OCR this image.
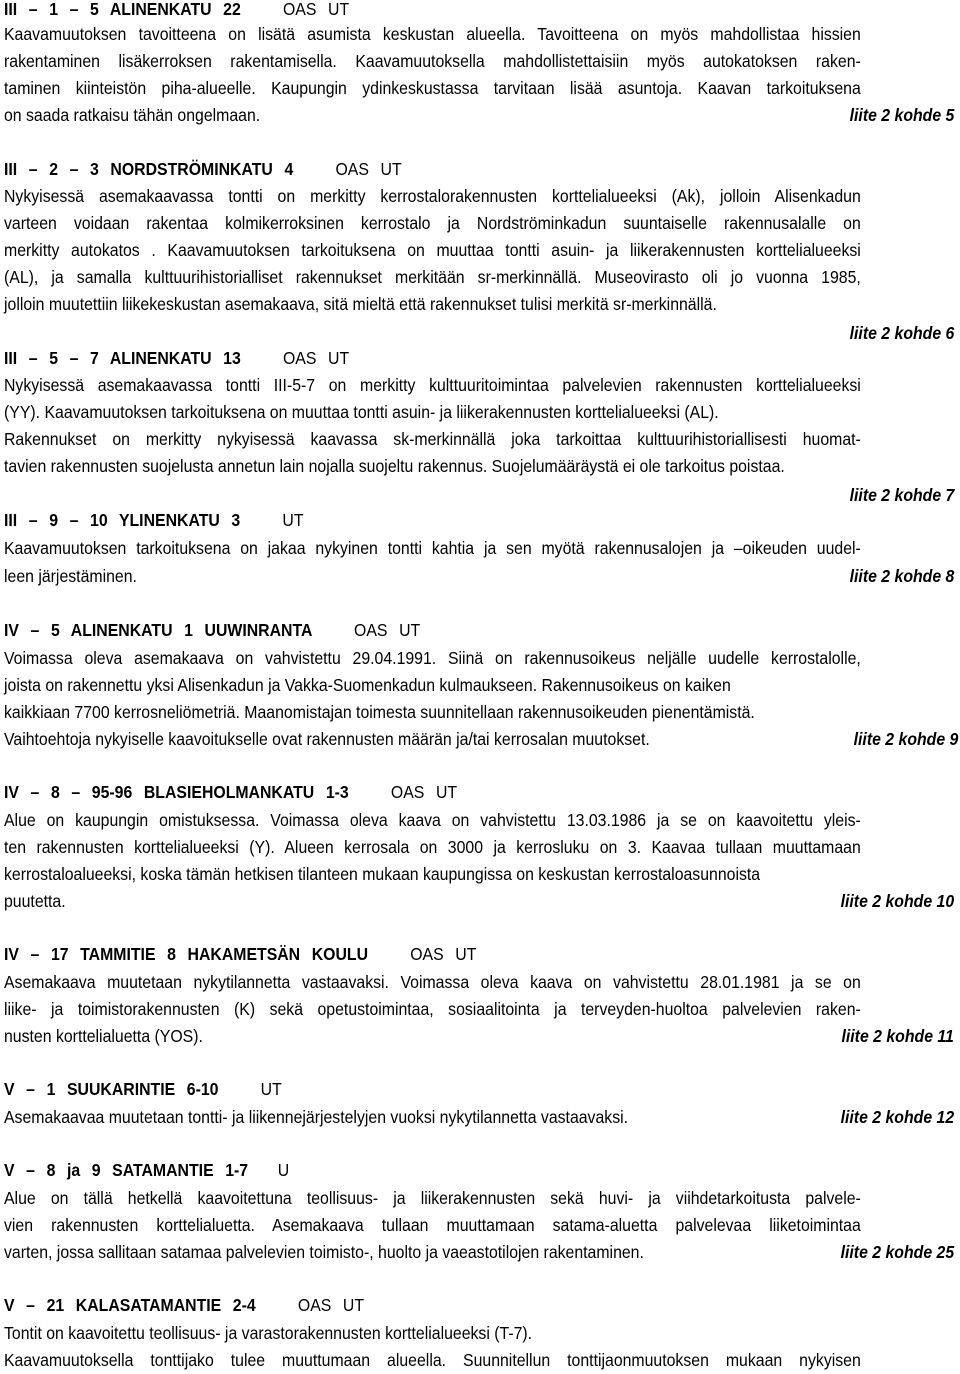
III – 1 – 5 ALINENKATU 22 OAS UT
Kaavamuutoksen tavoitteena on lisätä asumista keskustan alueella. Tavoitteena on myös mahdollistaa hissien
rakentaminen lisäkerroksen rakentamisella. Kaavamuutoksella mahdollistettaisiin myös autokatoksen raken-
taminen kiinteistön piha-alueelle. Kaupungin ydinkeskustassa tarvitaan lisää asuntoja. Kaavan tarkoituksena
on saada ratkaisu tähän ongelmaan.	liite 2 kohde 5
III – 2 – 3 NORDSTRÖMINKATU 4 OAS UT
Nykyisessä asemakaavassa tontti on merkitty kerrostalorakennusten korttelialueeksi (Ak), jolloin Alisenkadun
varteen voidaan rakentaa kolmikerroksinen kerrostalo ja Nordströminkadun suuntaiselle rakennusalalle on
merkitty autokatos . Kaavamuutoksen tarkoituksena on muuttaa tontti asuin- ja liikerakennusten korttelialueeksi
(AL), ja samalla kulttuurihistorialliset rakennukset merkitään sr-merkinnällä. Museovirasto oli jo vuonna 1985,
jolloin muutettiin liikekeskustan asemakaava, sitä mieltä että rakennukset tulisi merkitä sr-merkinnällä.
liite 2 kohde 6
III – 5 – 7 ALINENKATU 13 OAS UT
Nykyisessä asemakaavassa tontti III-5-7 on merkitty kulttuuritoimintaa palvelevien rakennusten korttelialueeksi
(YY). Kaavamuutoksen tarkoituksena on muuttaa tontti asuin- ja liikerakennusten korttelialueeksi (AL).
Rakennukset on merkitty nykyisessä kaavassa sk-merkinnällä joka tarkoittaa kulttuurihistoriallisesti huomat-
tavien rakennusten suojelusta annetun lain nojalla suojeltu rakennus. Suojelumääräystä ei ole tarkoitus poistaa.
liite 2 kohde 7
III – 9 – 10 YLINENKATU 3 UT
Kaavamuutoksen tarkoituksena on jakaa nykyinen tontti kahtia ja sen myötä rakennusalojen ja –oikeuden uudel-
leen järjestäminen.	liite 2 kohde 8
IV – 5 ALINENKATU 1 UUWINRANTA OAS UT
Voimassa oleva asemakaava on vahvistettu 29.04.1991. Siinä on rakennusoikeus neljälle uudelle kerrostalolle,
joista on rakennettu yksi Alisenkadun ja Vakka-Suomenkadun kulmaukseen. Rakennusoikeus on kaiken
kaikkiaan 7700 kerrosneliömetriä. Maanomistajan toimesta suunnitellaan rakennusoikeuden pienentämistä.
Vaihtoehtoja nykyiselle kaavoitukselle ovat rakennusten määrän ja/tai kerrosalan muutokset.	liite 2 kohde 9
IV – 8 – 95-96 BLASIEHOLMANKATU 1-3 OAS UT
Alue on kaupungin omistuksessa. Voimassa oleva kaava on vahvistettu 13.03.1986 ja se on kaavoitettu yleis-
ten rakennusten korttelialueeksi (Y). Alueen kerrosala on 3000 ja kerrosluku on 3. Kaavaa tullaan muuttamaan
kerrostaloalueeksi, koska tämän hetkisen tilanteen mukaan kaupungissa on keskustan kerrostaloasunnoista
puutetta.	liite 2 kohde 10
IV – 17 TAMMITIE 8 HAKAMETSÄN KOULU OAS UT
Asemakaava muutetaan nykytilannetta vastaavaksi. Voimassa oleva kaava on vahvistettu 28.01.1981 ja se on
liike- ja toimistorakennusten (K) sekä opetustoimintaa, sosiaalitointa ja terveyden-huoltoa palvelevien raken-
nusten korttelialuetta (YOS).	liite 2 kohde 11
V – 1 SUUKARINTIE 6-10 UT
Asemakaavaa muutetaan tontti- ja liikennejärjestelyjen vuoksi nykytilannetta vastaavaksi.	liite 2 kohde 12
V – 8 ja 9 SATAMANTIE 1-7 U
Alue on tällä hetkellä kaavoitettuna teollisuus- ja liikerakennusten sekä huvi- ja viihdetarkoitusta palvele-
vien rakennusten korttelialuetta. Asemakaava tullaan muuttamaan satama-aluetta palvelevaa liiketoimintaa
varten, jossa sallitaan satamaa palvelevien toimisto-, huolto ja vaeastotilojen rakentaminen.	liite 2 kohde 25
V – 21 KALASATAMANTIE 2-4 OAS UT
Tontit on kaavoitettu teollisuus- ja varastorakennusten korttelialueeksi (T-7).
Kaavamuutoksella tonttijako tulee muuttumaan alueella. Suunnitellun tonttijaonmuutoksen mukaan nykyisen
